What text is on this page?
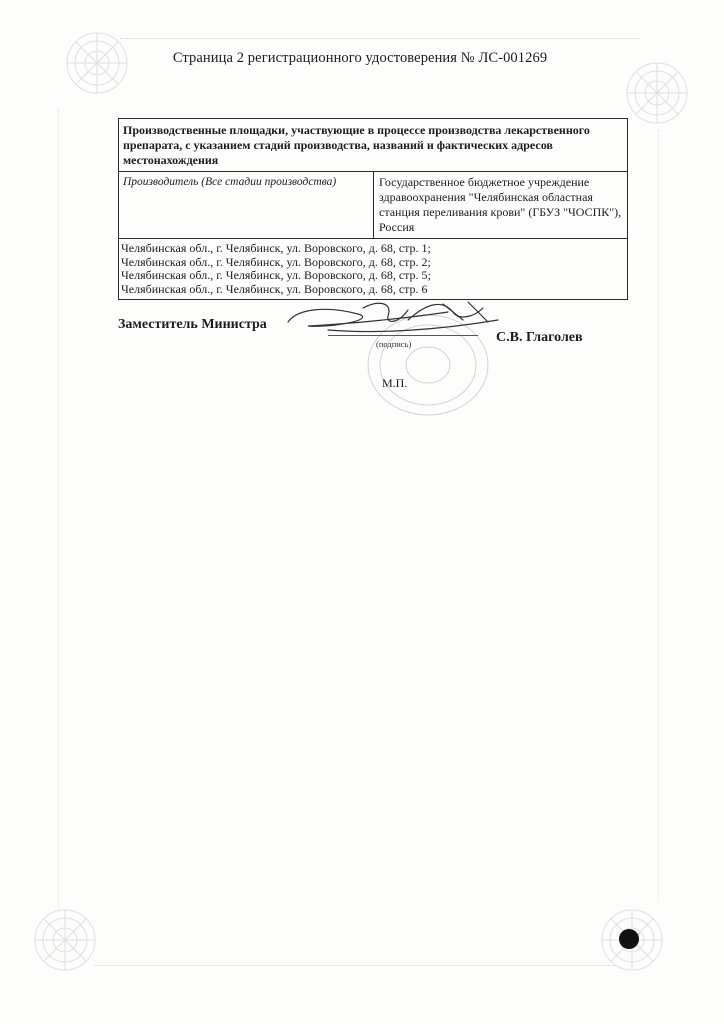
Страница 2 регистрационного удостоверения № ЛС-001269
Производственные площадки, участвующие в процессе производства лекарственного препарата, с указанием стадий производства, названий и фактических адресов местонахождения
Производитель (Все стадии производства)	Государственное бюджетное учреждение здравоохранения "Челябинская областная станция переливания крови" (ГБУЗ "ЧОСПК"), Россия
Челябинская обл., г. Челябинск, ул. Воровского, д. 68, стр. 1;
Челябинская обл., г. Челябинск, ул. Воровского, д. 68, стр. 2;
Челябинская обл., г. Челябинск, ул. Воровского, д. 68, стр. 5;
Челябинская обл., г. Челябинск, ул. Воровского, д. 68, стр. 6
Заместитель Министра
(подпись)	С.В. Глаголев
М.П.
